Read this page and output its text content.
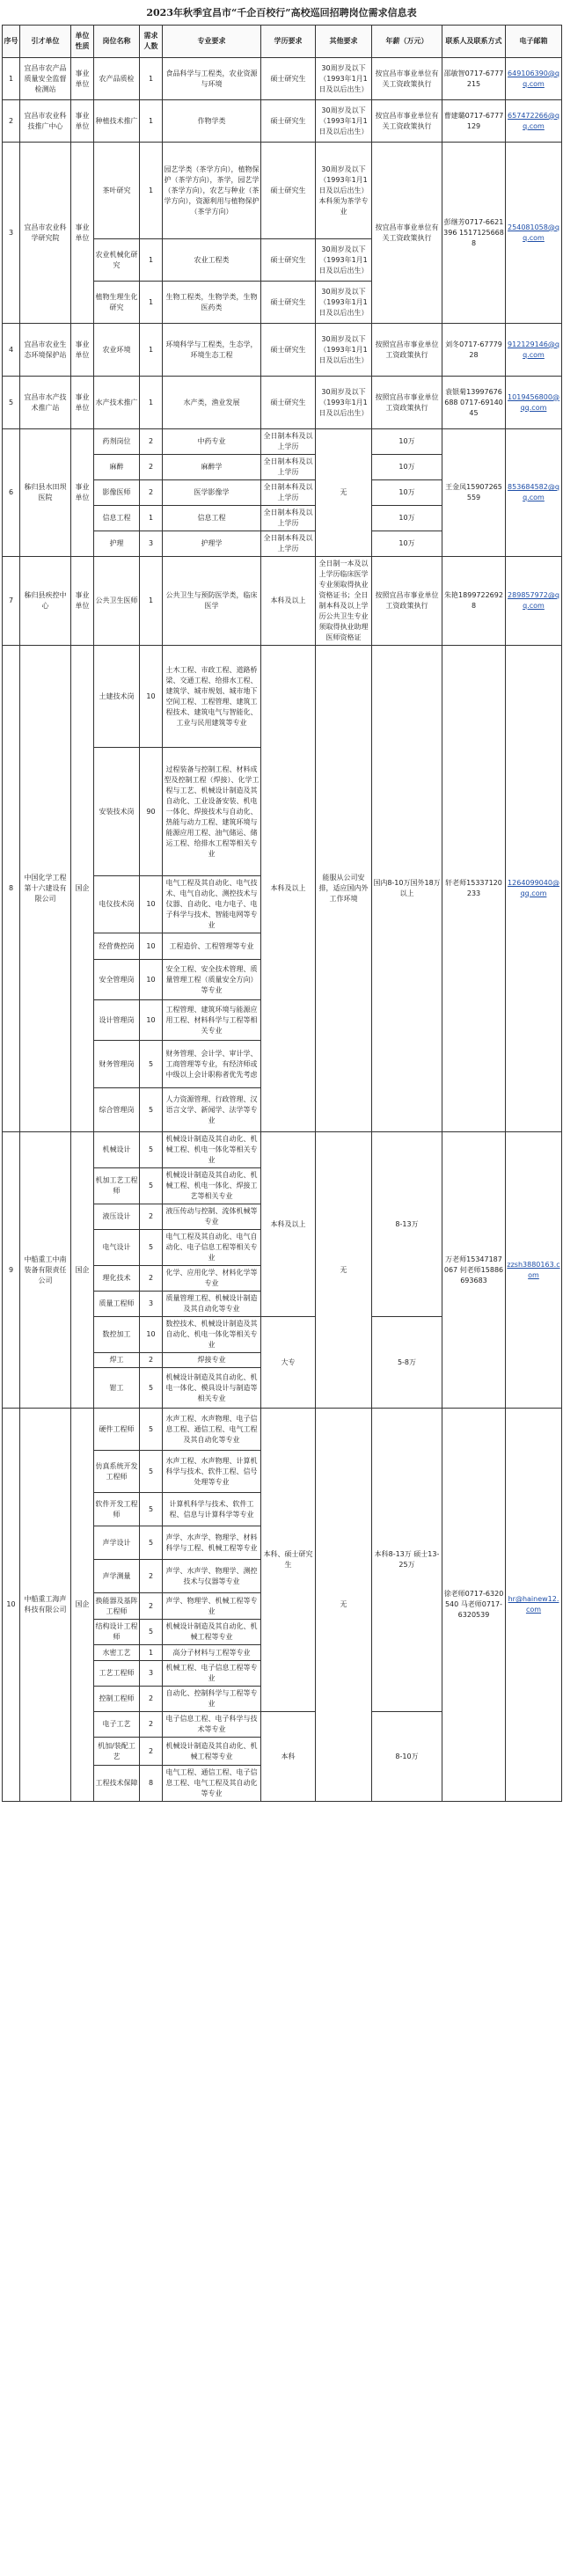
2023年秋季宜昌市“千企百校行”高校巡回招聘岗位需求信息表
序号	引才单位	单位性质	岗位名称	需求人数	专业要求	学历要求	其他要求	年薪（万元）	联系人及联系方式	电子邮箱
1	宜昌市农产品质量安全监督检测站	事业单位	农产品质检	1	食品科学与工程类，农业资源与环境	硕士研究生	30周岁及以下（1993年1月1日及以后出生）	按宜昌市事业单位有关工资政策执行	邵敏智0717-6777215	649106390@qq.com
2	宜昌市农业科技推广中心	事业单位	种植技术推广	1	作物学类	硕士研究生	30周岁及以下（1993年1月1日及以后出生）	按宜昌市事业单位有关工资政策执行	曹建璐0717-6777129	657472266@qq.com
3	宜昌市农业科学研究院	事业单位	茶叶研究	1	园艺学类（茶学方向），植物保护（茶学方向），茶学，园艺学（茶学方向），农艺与种业（茶学方向），资源利用与植物保护（茶学方向）	硕士研究生	30周岁及以下（1993年1月1日及以后出生）本科须为茶学专业	按宜昌市事业单位有关工资政策执行	彭继芳0717-6621396 15171256688	254081058@qq.com
			农业机械化研究	1	农业工程类	硕士研究生	30周岁及以下（1993年1月1日及以后出生）			
			植物生理生化研究	1	生物工程类，生物学类，生物医药类	硕士研究生	30周岁及以下（1993年1月1日及以后出生）			
4	宜昌市农业生态环境保护站	事业单位	农业环境	1	环境科学与工程类，生态学，环境生态工程	硕士研究生	30周岁及以下（1993年1月1日及以后出生）	按照宜昌市事业单位工资政策执行	刘冬0717-6777928	912129146@qq.com
5	宜昌市水产技术推广站	事业单位	水产技术推广	1	水产类，渔业发展	硕士研究生	30周岁及以下（1993年1月1日及以后出生）	按照宜昌市事业单位工资政策执行	袁银菊13997676688 0717-6914045	1019456800@qq.com
6	秭归县水田坝医院	事业单位	药剂岗位	2	中药专业	全日制本科及以上学历	无	10万	王金凤15907265559	853684582@qq.com
			麻醉	2	麻醉学	全日制本科及以上学历		10万		
			影像医师	2	医学影像学	全日制本科及以上学历		10万		
			信息工程	1	信息工程	全日制本科及以上学历		10万		
			护理	3	护理学	全日制本科及以上学历		10万		
7	秭归县疾控中心	事业单位	公共卫生医师	1	公共卫生与预防医学类，临床医学	本科及以上	全日制一本及以上学历临床医学专业须取得执业资格证书；全日制本科及以上学历公共卫生专业须取得执业助理医师资格证	按照宜昌市事业单位工资政策执行	朱艳18997226928	289857972@qq.com
8	中国化学工程第十六建设有限公司	国企	土建技术岗	10	土木工程、市政工程、道路桥梁、交通工程、给排水工程、建筑学、城市规划、城市地下空间工程、工程管理、建筑工程技术、建筑电气与智能化、工业与民用建筑等专业	本科及以上	能服从公司安排，适应国内外工作环境	国内8-10万国外18万以上	轩老师15337120233	1264099040@qq.com
			安装技术岗	90	过程装备与控制工程、材料成型及控制工程（焊接）、化学工程与工艺、机械设计制造及其自动化、工业设备安装、机电一体化、焊接技术与自动化、热能与动力工程、建筑环境与能源应用工程、油气储运、储运工程、给排水工程等相关专业					
			电仪技术岗	10	电气工程及其自动化、电气技术、电气自动化、测控技术与仪器、自动化、电力电子、电子科学与技术、智能电网等专业					
			经营费控岗	10	工程造价、工程管理等专业					
			安全管理岗	10	安全工程、安全技术管理、质量管理工程（质量安全方向）等专业					
			设计管理岗	10	工程管理、建筑环境与能源应用工程、材料科学与工程等相关专业					
			财务管理岗	5	财务管理、会计学、审计学、工商管理等专业，有经济师或中级以上会计职称者优先考虑					
			综合管理岗	5	人力资源管理、行政管理、汉语言文学、新闻学、法学等专业					
9	中船重工中南装备有限责任公司	国企	机械设计	5	机械设计制造及其自动化、机械工程、机电一体化等相关专业	本科及以上	无	8-13万	万老师15347187067 何老师15886693683	zzsh3880163.com
			机加工艺工程师	5	机械设计制造及其自动化、机械工程、机电一体化、焊接工艺等相关专业					
			液压设计	2	液压传动与控制、流体机械等专业					
			电气设计	5	电气工程及其自动化、电气自动化、电子信息工程等相关专业					
			理化技术	2	化学、应用化学、材料化学等专业					
			质量工程师	3	质量管理工程、机械设计制造及其自动化等专业					
			数控加工	10	数控技术、机械设计制造及其自动化、机电一体化等相关专业	大专		5-8万		
			焊工	2	焊接专业					
			钳工	5	机械设计制造及其自动化、机电一体化、模具设计与制造等相关专业					
10	中船重工海声科技有限公司	国企	硬件工程师	5	水声工程、水声物理、电子信息工程、通信工程、电气工程及其自动化等专业	本科、硕士研究生	无	本科8-13万 硕士13-25万	徐老师0717-6320540 马老师0717-6320539	hr@hainew12.com
			仿真系统开发工程师	5	水声工程、水声物理、计算机科学与技术、软件工程、信号处理等专业					
			软件开发工程师	5	计算机科学与技术、软件工程、信息与计算科学等专业					
			声学设计	5	声学、水声学、物理学、材料科学与工程、机械工程等专业					
			声学测量	2	声学、水声学、物理学、测控技术与仪器等专业					
			换能器及基阵工程师	2	声学、物理学、机械工程等专业					
			结构设计工程师	5	机械设计制造及其自动化、机械工程等专业					
			水密工艺	1	高分子材料与工程等专业					
			工艺工程师	3	机械工程、电子信息工程等专业					
			控制工程师	2	自动化、控制科学与工程等专业					
			电子工艺	2	电子信息工程、电子科学与技术等专业	本科		8-10万		
			机加/装配工艺	2	机械设计制造及其自动化、机械工程等专业					
			工程技术保障	8	电气工程、通信工程、电子信息工程、电气工程及其自动化等专业					
